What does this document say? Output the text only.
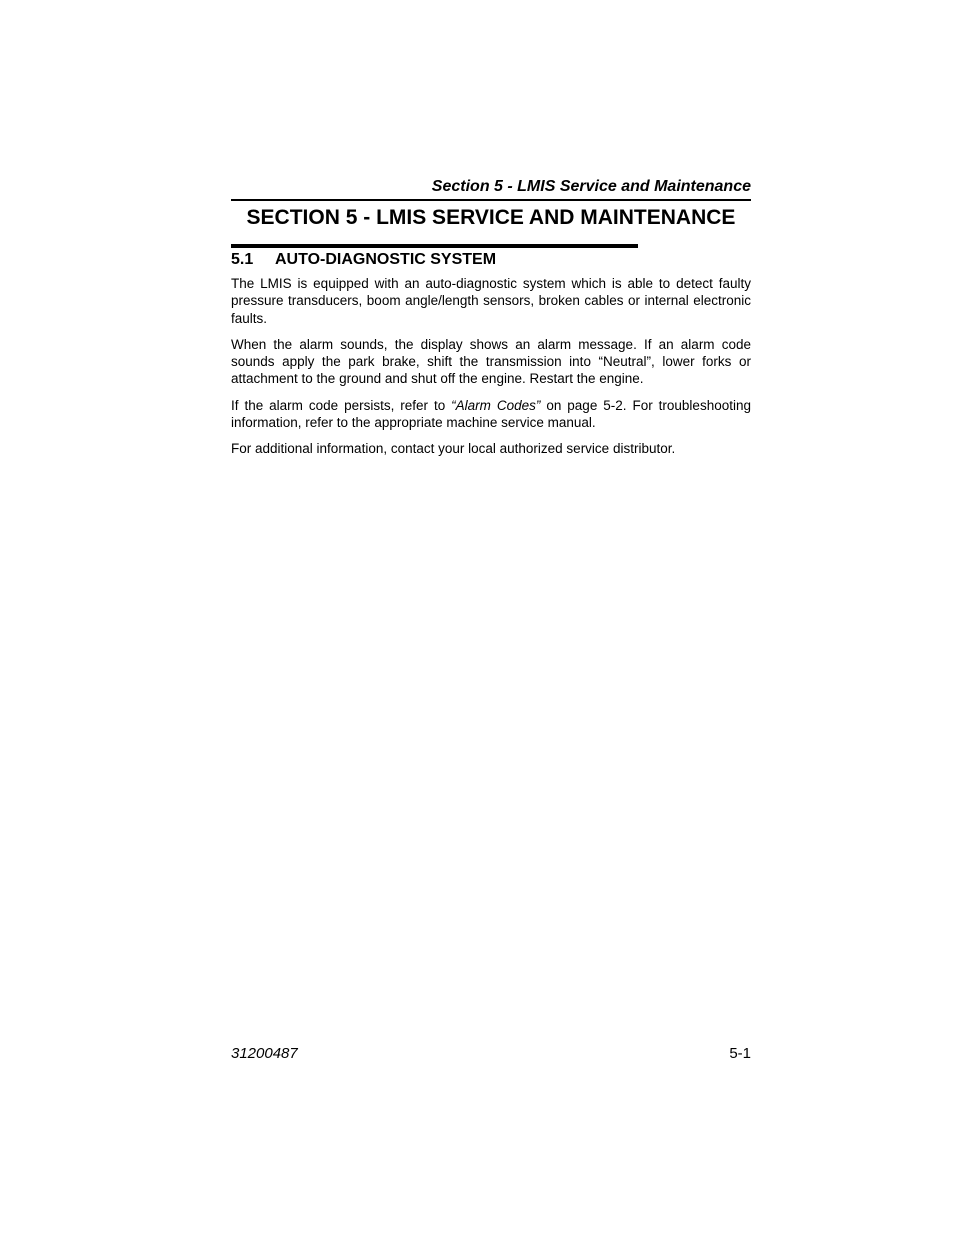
Section 5 - LMIS Service and Maintenance
SECTION 5 - LMIS SERVICE AND MAINTENANCE
5.1 AUTO-DIAGNOSTIC SYSTEM

The LMIS is equipped with an auto-diagnostic system which is able to detect faulty pressure transducers, boom angle/length sensors, broken cables or internal electronic faults.

When the alarm sounds, the display shows an alarm message. If an alarm code sounds apply the park brake, shift the transmission into “Neutral”, lower forks or attachment to the ground and shut off the engine. Restart the engine.

If the alarm code persists, refer to “Alarm Codes” on page 5-2. For troubleshooting information, refer to the appropriate machine service manual.

For additional information, contact your local authorized service distributor.

31200487	5-1
